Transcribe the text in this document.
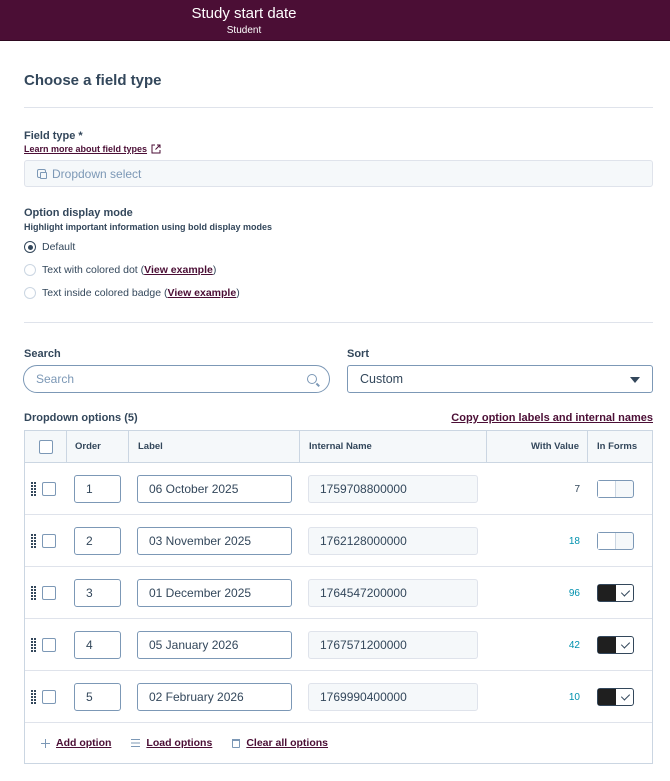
Study start date
Student
Choose a field type
Field type *
Learn more about field types
Dropdown select
Option display mode
Highlight important information using bold display modes
Default
Text with colored dot (View example)
Text inside colored badge (View example)
Search	Sort
Search	Custom
Dropdown options (5)	Copy option labels and internal names
Order	Label	Internal Name	With Value	In Forms
1	06 October 2025	1759708800000	7
2	03 November 2025	1762128000000	18
3	01 December 2025	1764547200000	96
4	05 January 2026	1767571200000	42
5	02 February 2026	1769990400000	10
Add option	Load options	Clear all options
